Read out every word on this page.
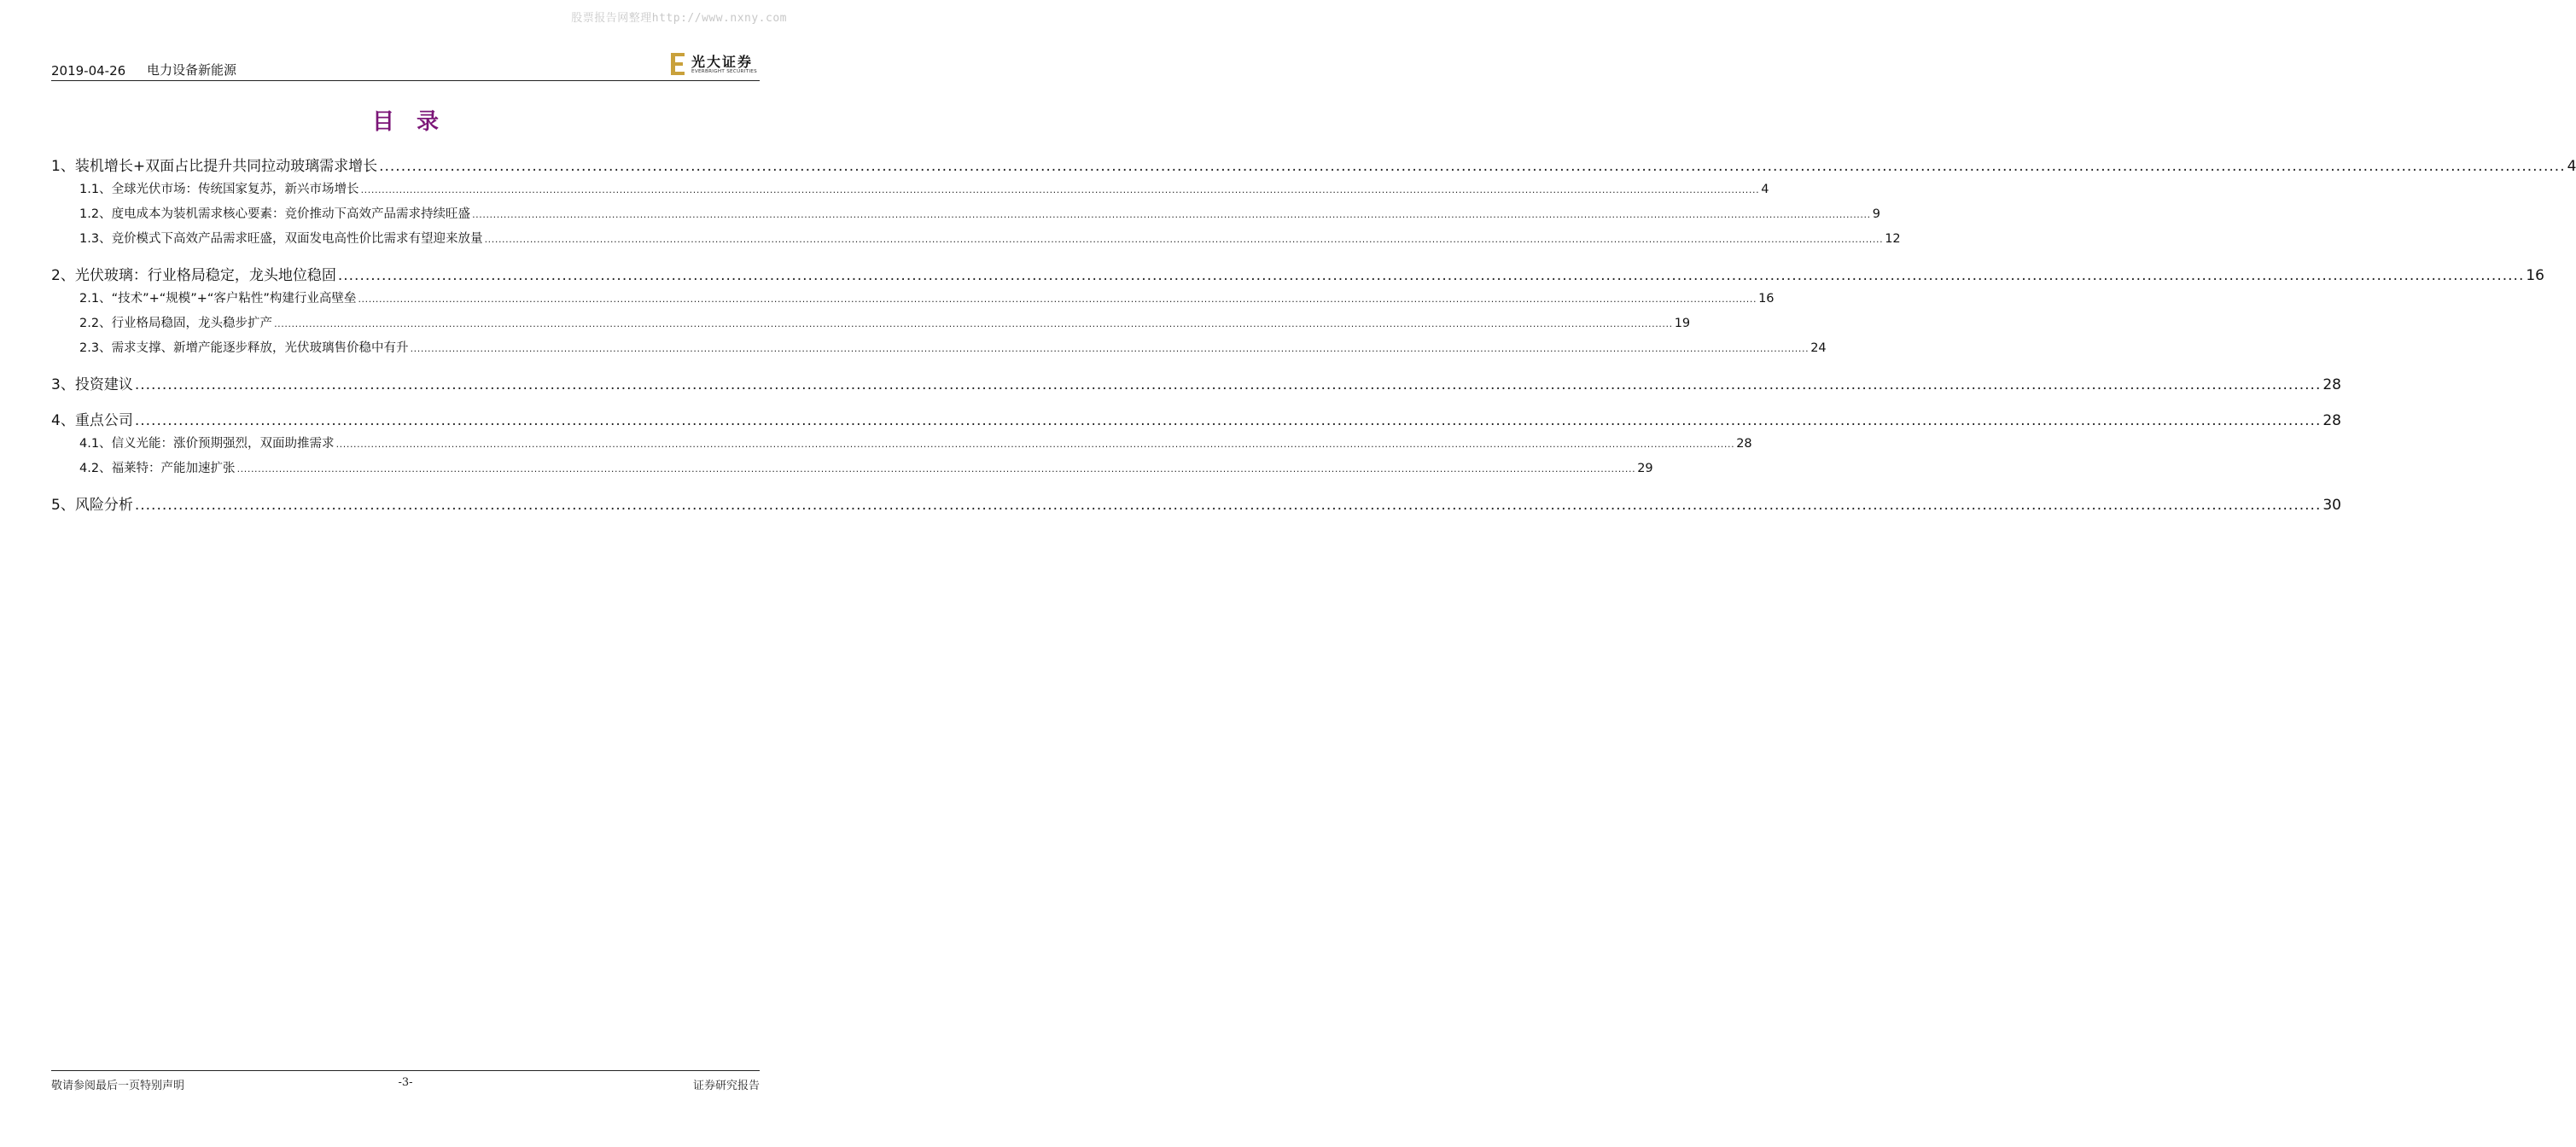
股票报告网整理http://www.nxny.com
2019-04-26 电力设备新能源	光大证券
EVERBRIGHT SECURITIES
目录
1、 装机增长+双面占比提升共同拉动玻璃需求增长 ................................................................................................................................................................................................................................................................................................................................................................................................................ 4
1.1、 全球光伏市场：传统国家复苏，新兴市场增长 ................................................................................................................................................................................................................................................................................................................................................................................................................ 4
1.2、 度电成本为装机需求核心要素：竞价推动下高效产品需求持续旺盛 ................................................................................................................................................................................................................................................................................................................................................................................................................ 9
1.3、 竞价模式下高效产品需求旺盛，双面发电高性价比需求有望迎来放量 ................................................................................................................................................................................................................................................................................................................................................................................................................ 12
2、 光伏玻璃：行业格局稳定，龙头地位稳固 ................................................................................................................................................................................................................................................................................................................................................................................................................ 16
2.1、 “技术”+“规模”+“客户粘性”构建行业高壁垒 ................................................................................................................................................................................................................................................................................................................................................................................................................ 16
2.2、 行业格局稳固，龙头稳步扩产 ................................................................................................................................................................................................................................................................................................................................................................................................................ 19
2.3、 需求支撑、新增产能逐步释放，光伏玻璃售价稳中有升 ................................................................................................................................................................................................................................................................................................................................................................................................................ 24
3、 投资建议 ................................................................................................................................................................................................................................................................................................................................................................................................................ 28
4、 重点公司 ................................................................................................................................................................................................................................................................................................................................................................................................................ 28
4.1、 信义光能：涨价预期强烈，双面助推需求 ................................................................................................................................................................................................................................................................................................................................................................................................................ 28
4.2、 福莱特：产能加速扩张 ................................................................................................................................................................................................................................................................................................................................................................................................................ 29
5、 风险分析 ................................................................................................................................................................................................................................................................................................................................................................................................................ 30
敬请参阅最后一页特别声明	-3-	证券研究报告
